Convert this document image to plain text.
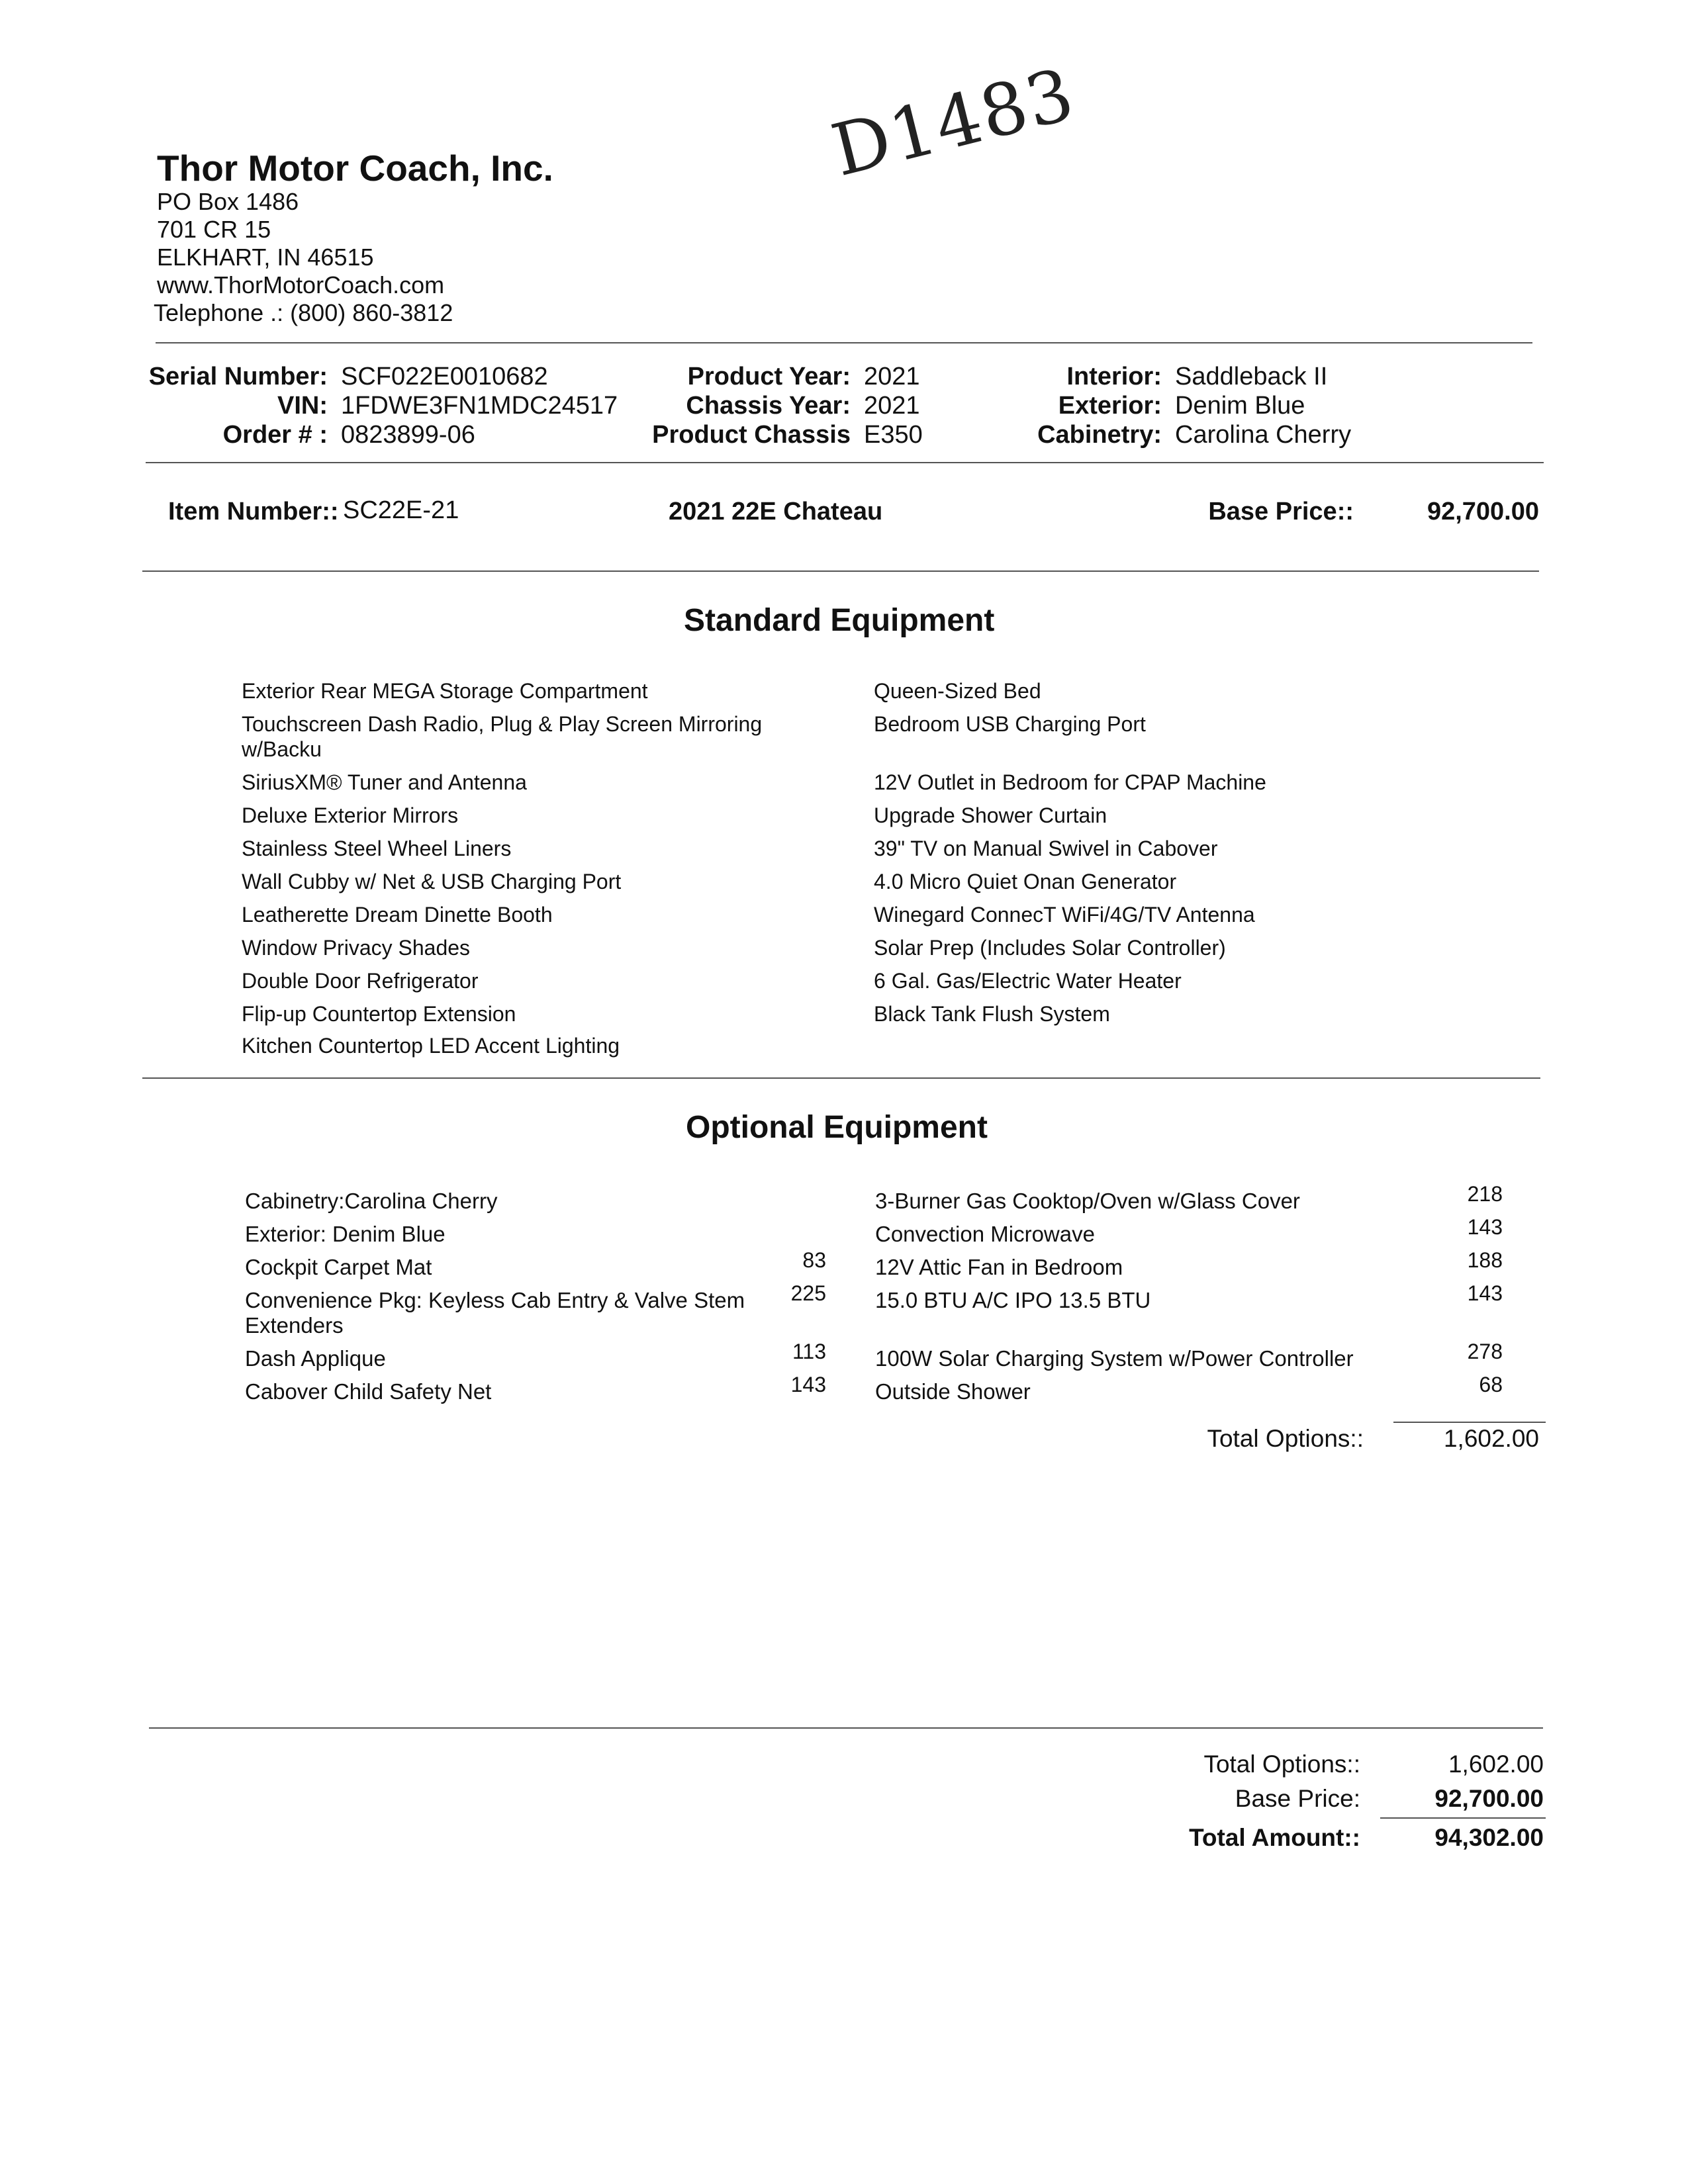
D1483
Thor Motor Coach, Inc.
PO Box 1486
701 CR 15
ELKHART, IN 46515
www.ThorMotorCoach.com
Telephone .: (800) 860-3812
Serial Number: SCF022E0010682
VIN: 1FDWE3FN1MDC24517
Order # : 0823899-06
Product Year: 2021
Chassis Year: 2021
Product Chassis E350
Interior: Saddleback II
Exterior: Denim Blue
Cabinetry: Carolina Cherry
Item Number:: SC22E-21	2021 22E Chateau	Base Price::	92,700.00
Standard Equipment
Exterior Rear MEGA Storage Compartment
Touchscreen Dash Radio, Plug & Play Screen Mirroring
w/Backu
SiriusXM® Tuner and Antenna
Deluxe Exterior Mirrors
Stainless Steel Wheel Liners
Wall Cubby w/ Net & USB Charging Port
Leatherette Dream Dinette Booth
Window Privacy Shades
Double Door Refrigerator
Flip-up Countertop Extension
Kitchen Countertop LED Accent Lighting
Queen-Sized Bed
Bedroom USB Charging Port
12V Outlet in Bedroom for CPAP Machine
Upgrade Shower Curtain
39" TV on Manual Swivel in Cabover
4.0 Micro Quiet Onan Generator
Winegard ConnecT WiFi/4G/TV Antenna
Solar Prep (Includes Solar Controller)
6 Gal. Gas/Electric Water Heater
Black Tank Flush System
Optional Equipment
Cabinetry:Carolina Cherry
Exterior: Denim Blue
Cockpit Carpet Mat	83
Convenience Pkg: Keyless Cab Entry & Valve Stem	225
Extenders
Dash Applique	113
Cabover Child Safety Net	143
3-Burner Gas Cooktop/Oven w/Glass Cover	218
Convection Microwave	143
12V Attic Fan in Bedroom	188
15.0 BTU A/C IPO 13.5 BTU	143
100W Solar Charging System w/Power Controller	278
Outside Shower	68
Total Options::	1,602.00
Total Options::	1,602.00
Base Price:	92,700.00
Total Amount::	94,302.00
